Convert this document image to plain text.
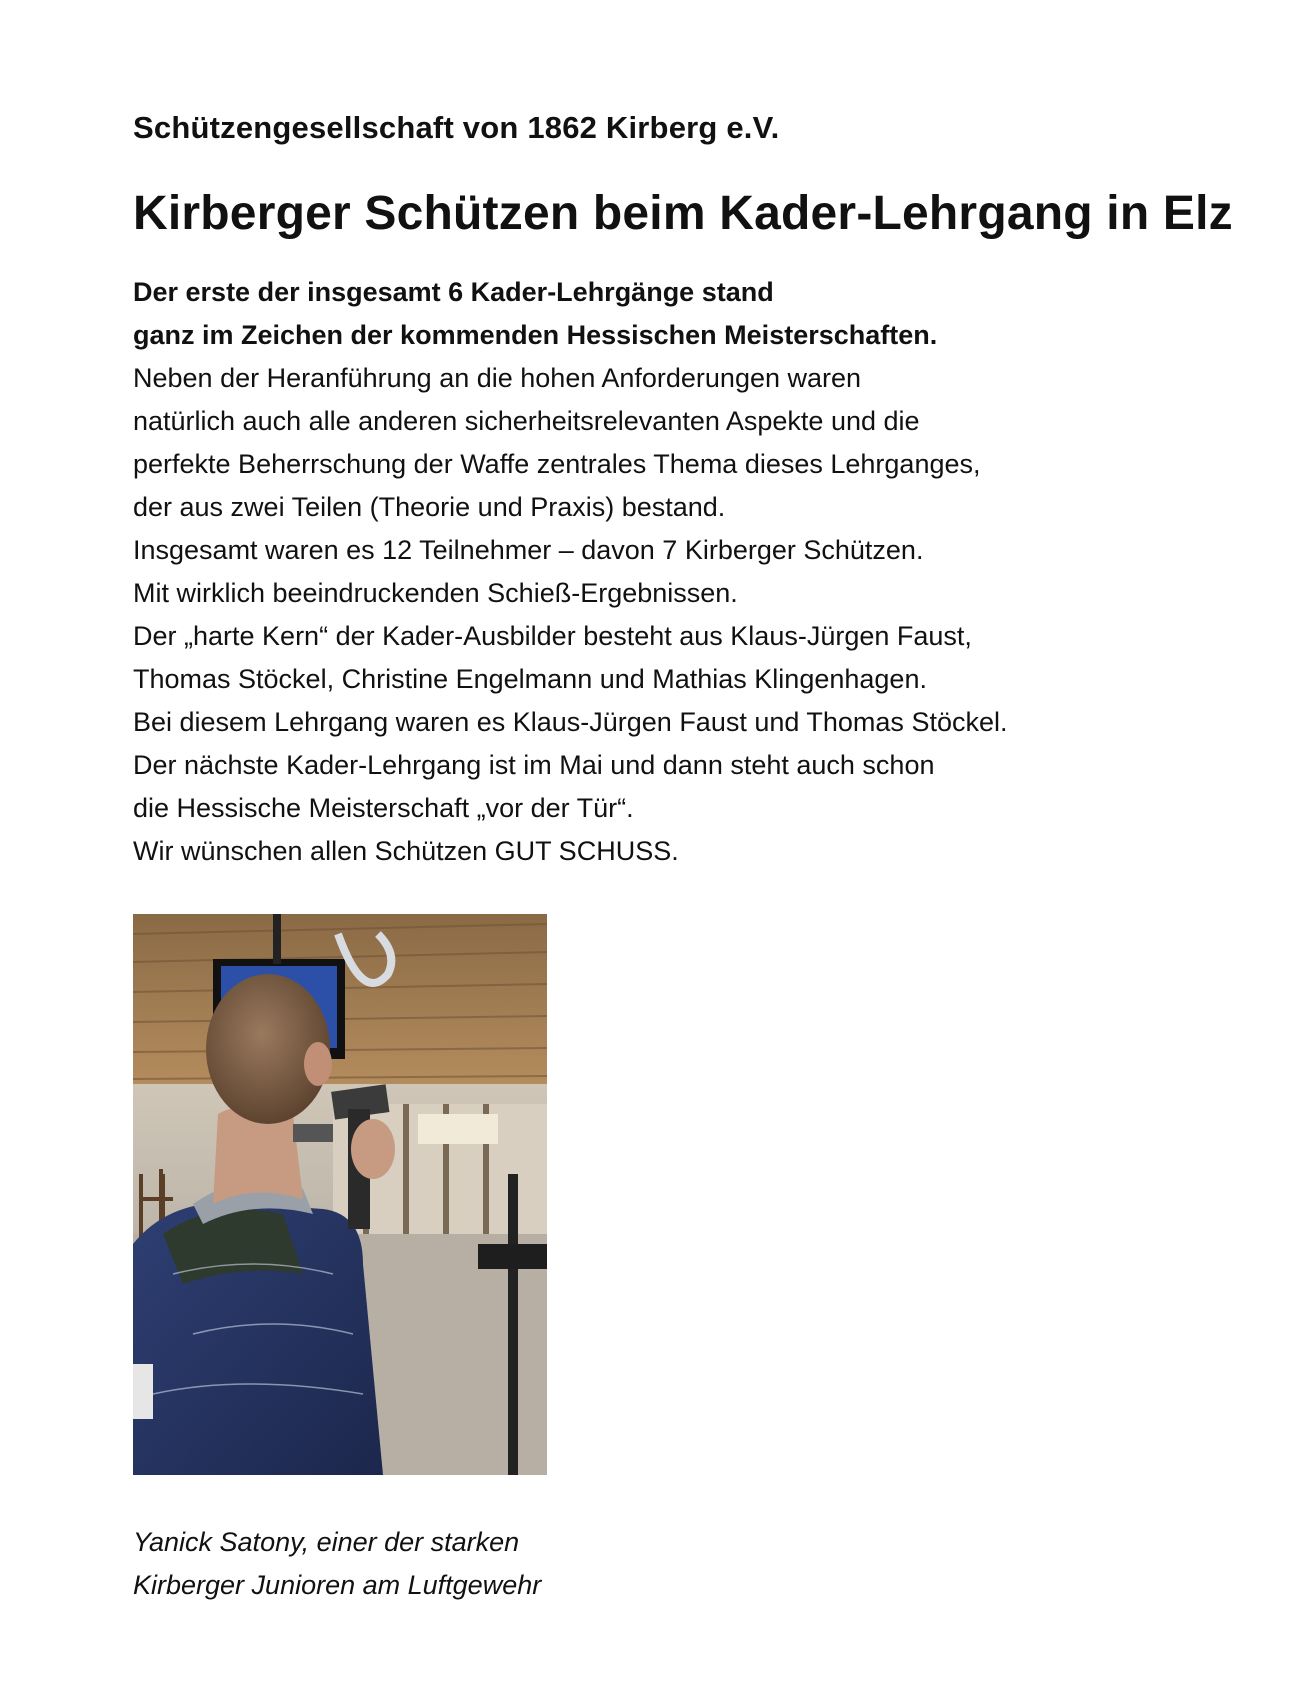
Schützengesellschaft von 1862 Kirberg e.V.
Kirberger Schützen beim Kader-Lehrgang in Elz
Der erste der insgesamt 6 Kader-Lehrgänge stand
ganz im Zeichen der kommenden Hessischen Meisterschaften.
Neben der Heranführung an die hohen Anforderungen waren
natürlich auch alle anderen sicherheitsrelevanten Aspekte und die
perfekte Beherrschung der Waffe zentrales Thema dieses Lehrganges,
der aus zwei Teilen (Theorie und Praxis) bestand.
Insgesamt waren es 12 Teilnehmer – davon 7 Kirberger Schützen.
Mit wirklich beeindruckenden Schieß-Ergebnissen.
Der „harte Kern“ der Kader-Ausbilder besteht aus Klaus-Jürgen Faust,
Thomas Stöckel, Christine Engelmann und Mathias Klingenhagen.
Bei diesem Lehrgang waren es Klaus-Jürgen Faust und Thomas Stöckel.
Der nächste Kader-Lehrgang ist im Mai und dann steht auch schon
die Hessische Meisterschaft „vor der Tür“.
Wir wünschen allen Schützen GUT SCHUSS.
Yanick Satony, einer der starken
Kirberger Junioren am Luftgewehr
